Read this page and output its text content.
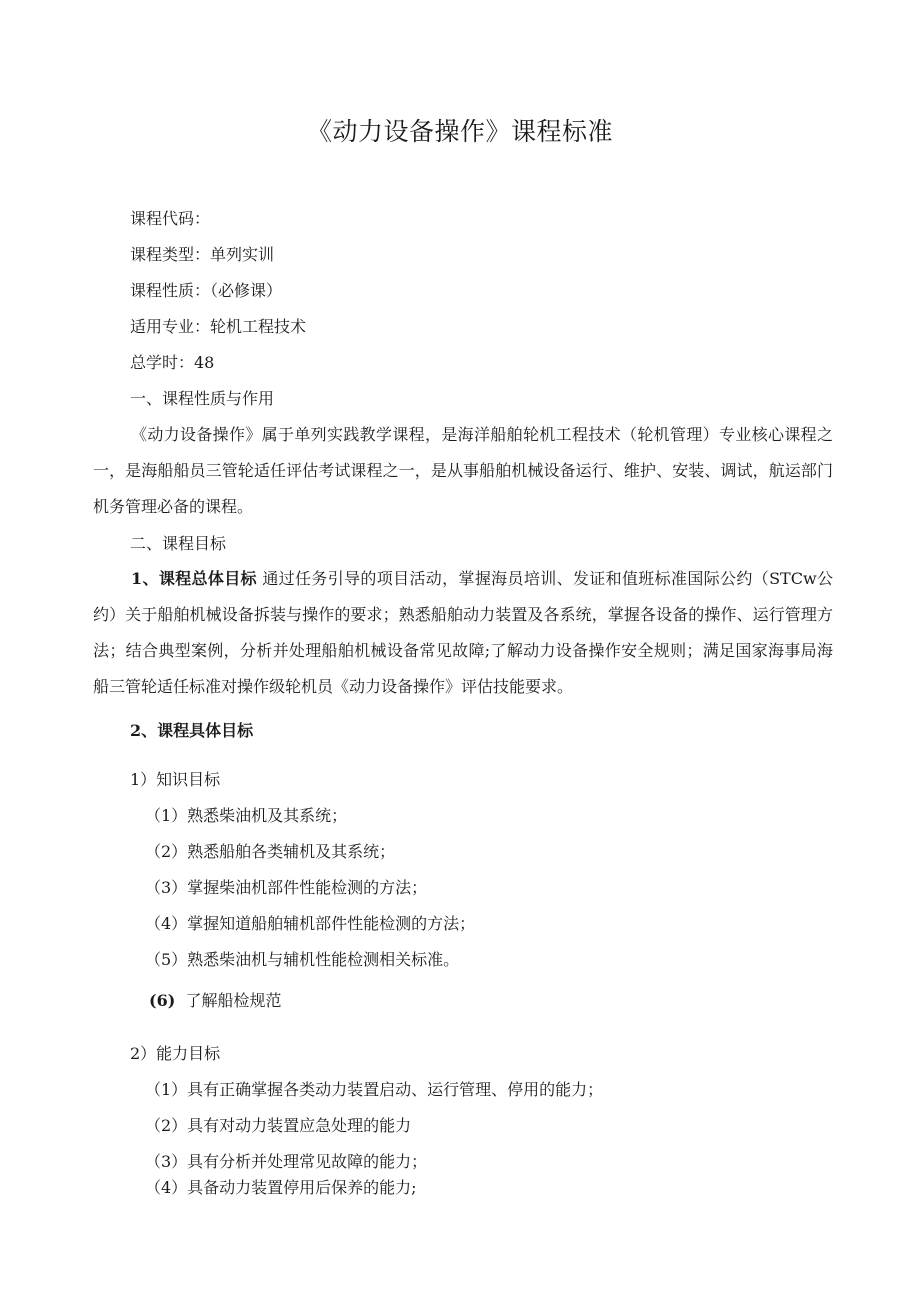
《动力设备操作》课程标准
课程代码：
课程类型：单列实训
课程性质：（必修课）
适用专业：轮机工程技术
总学时：48
一、课程性质与作用
《动力设备操作》属于单列实践教学课程，是海洋船舶轮机工程技术（轮机管理）专业核心课程之一，是海船船员三管轮适任评估考试课程之一，是从事船舶机械设备运行、维护、安装、调试，航运部门机务管理必备的课程。
二、课程目标
1、课程总体目标 通过任务引导的项目活动，掌握海员培训、发证和值班标准国际公约（STCw公约）关于船舶机械设备拆装与操作的要求；熟悉船舶动力装置及各系统，掌握各设备的操作、运行管理方法；结合典型案例，分析并处理船舶机械设备常见故障;了解动力设备操作安全规则；满足国家海事局海船三管轮适任标准对操作级轮机员《动力设备操作》评估技能要求。
2、课程具体目标
1）知识目标
（1）熟悉柴油机及其系统；
（2）熟悉船舶各类辅机及其系统；
（3）掌握柴油机部件性能检测的方法；
（4）掌握知道船舶辅机部件性能检测的方法；
（5）熟悉柴油机与辅机性能检测相关标准。
(6) 了解船检规范
2）能力目标
（1）具有正确掌握各类动力装置启动、运行管理、停用的能力；
（2）具有对动力装置应急处理的能力
（3）具有分析并处理常见故障的能力；
（4）具备动力装置停用后保养的能力;
